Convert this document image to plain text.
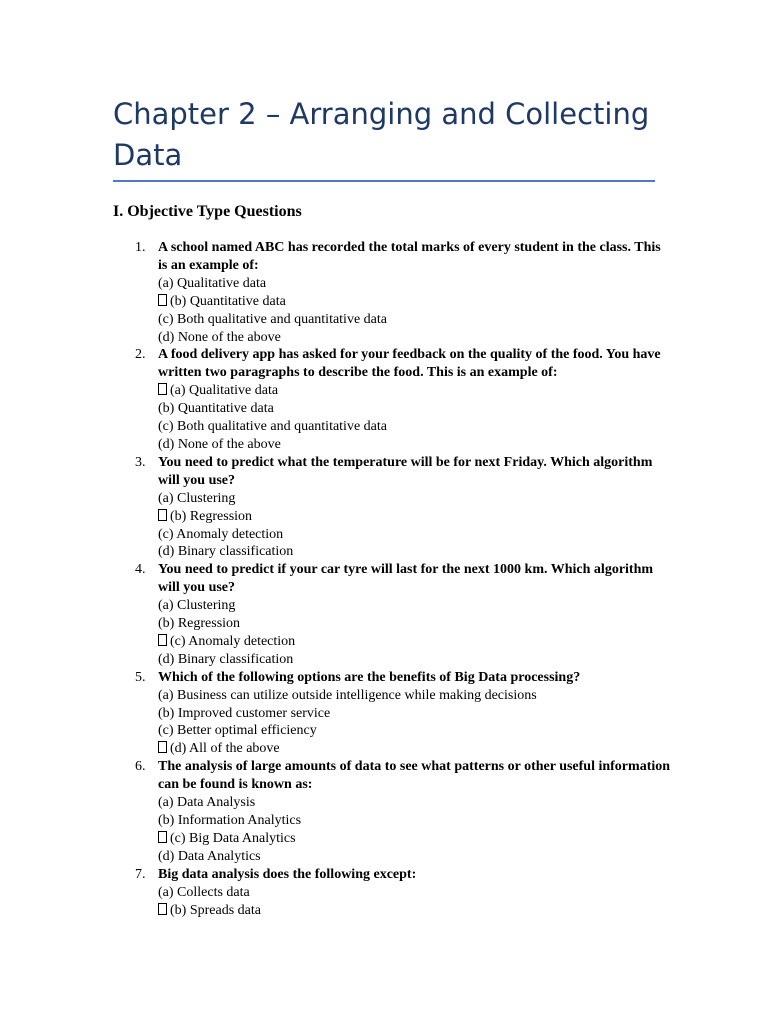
Chapter 2 – Arranging and Collecting Data
I. Objective Type Questions
1. A school named ABC has recorded the total marks of every student in the class. This is an example of:
(a) Qualitative data
(b) Quantitative data
(c) Both qualitative and quantitative data
(d) None of the above
2. A food delivery app has asked for your feedback on the quality of the food. You have written two paragraphs to describe the food. This is an example of:
(a) Qualitative data
(b) Quantitative data
(c) Both qualitative and quantitative data
(d) None of the above
3. You need to predict what the temperature will be for next Friday. Which algorithm will you use?
(a) Clustering
(b) Regression
(c) Anomaly detection
(d) Binary classification
4. You need to predict if your car tyre will last for the next 1000 km. Which algorithm will you use?
(a) Clustering
(b) Regression
(c) Anomaly detection
(d) Binary classification
5. Which of the following options are the benefits of Big Data processing?
(a) Business can utilize outside intelligence while making decisions
(b) Improved customer service
(c) Better optimal efficiency
(d) All of the above
6. The analysis of large amounts of data to see what patterns or other useful information can be found is known as:
(a) Data Analysis
(b) Information Analytics
(c) Big Data Analytics
(d) Data Analytics
7. Big data analysis does the following except:
(a) Collects data
(b) Spreads data
